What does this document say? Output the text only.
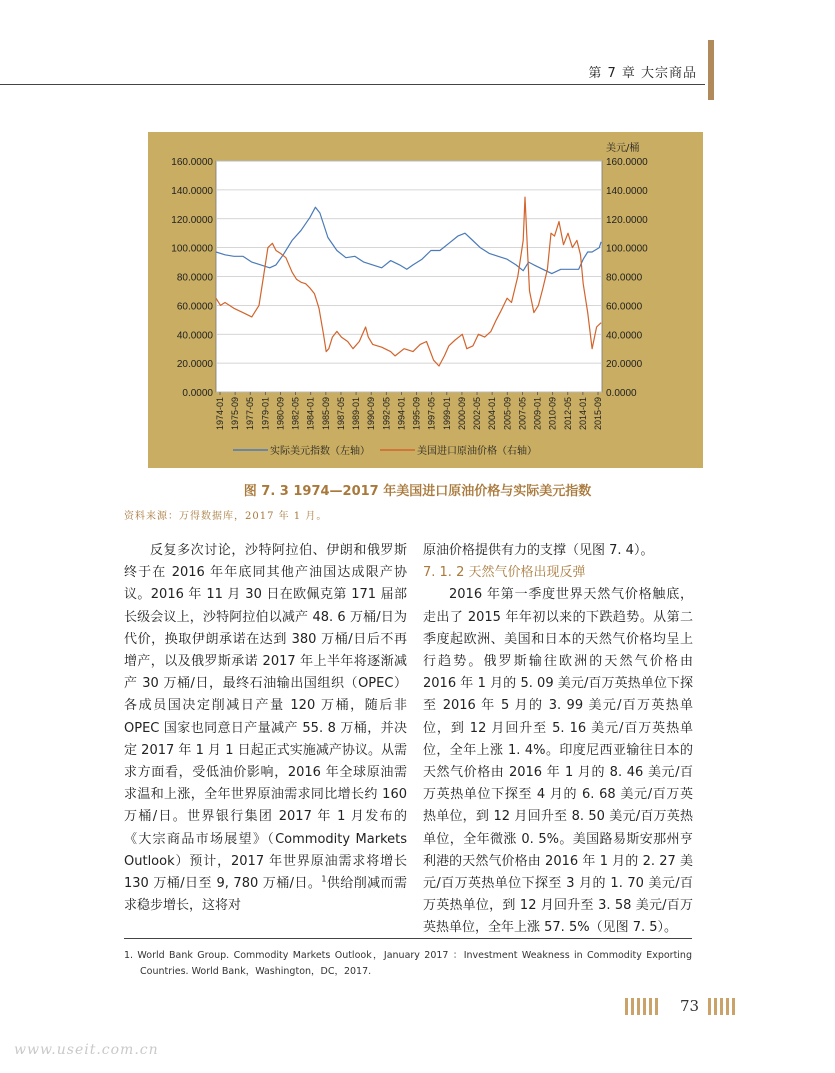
第 7 章 大宗商品
160.0000	160.0000
140.0000	140.0000
120.0000	120.0000
100.0000	100.0000
80.0000	80.0000
60.0000	60.0000
40.0000	40.0000
20.0000	20.0000
0.0000	0.0000
美元/桶
1974-01 1975-09 1977-05 1979-01 1980-09 1982-05 1984-01 1985-09 1987-05 1989-01 1990-09 1992-05 1994-01 1995-09 1997-05 1999-01 2000-09 2002-05 2004-01 2005-09 2007-05 2009-01 2010-09 2012-05 2014-01 2015-09
实际美元指数（左轴）	美国进口原油价格（右轴）
图 7. 3 1974—2017 年美国进口原油价格与实际美元指数
资料来源：万得数据库，2017 年 1 月。

反复多次讨论，沙特阿拉伯、伊朗和俄罗斯终于在 2016 年年底同其他产油国达成限产协议。2016 年 11 月 30 日在欧佩克第 171 届部长级会议上，沙特阿拉伯以减产 48. 6 万桶/日为代价，换取伊朗承诺在达到 380 万桶/日后不再增产，以及俄罗斯承诺 2017 年上半年将逐渐减产 30 万桶/日，最终石油输出国组织（OPEC）各成员国决定削减日产量 120 万桶，随后非 OPEC 国家也同意日产量减产 55. 8 万桶，并决定 2017 年 1 月 1 日起正式实施减产协议。从需求方面看，受低油价影响，2016 年全球原油需求温和上涨，全年世界原油需求同比增长约 160 万桶/日。世界银行集团 2017 年 1 月发布的《大宗商品市场展望》（Commodity Markets Outlook）预计，2017 年世界原油需求将增长 130 万桶/日至 9, 780 万桶/日。$^1$供给削减而需求稳步增长，这将对

原油价格提供有力的支撑（见图 7. 4）。

7. 1. 2 天然气价格出现反弹

2016 年第一季度世界天然气价格触底，走出了 2015 年年初以来的下跌趋势。从第二季度起欧洲、美国和日本的天然气价格均呈上行趋势。俄罗斯输往欧洲的天然气价格由 2016 年 1 月的 5. 09 美元/百万英热单位下探至 2016 年 5 月的 3. 99 美元/百万英热单位，到 12 月回升至 5. 16 美元/百万英热单位，全年上涨 1. 4%。印度尼西亚输往日本的天然气价格由 2016 年 1 月的 8. 46 美元/百万英热单位下探至 4 月的 6. 68 美元/百万英热单位，到 12 月回升至 8. 50 美元/百万英热单位，全年微涨 0. 5%。美国路易斯安那州亨利港的天然气价格由 2016 年 1 月的 2. 27 美元/百万英热单位下探至 3 月的 1. 70 美元/百万英热单位，到 12 月回升至 3. 58 美元/百万英热单位，全年上涨 57. 5%（见图 7. 5）。

1. World Bank Group. Commodity Markets Outlook，January 2017 ：Investment Weakness in Commodity Exporting Countries. World Bank，Washington，DC，2017.
73
www.useit.com.cn
